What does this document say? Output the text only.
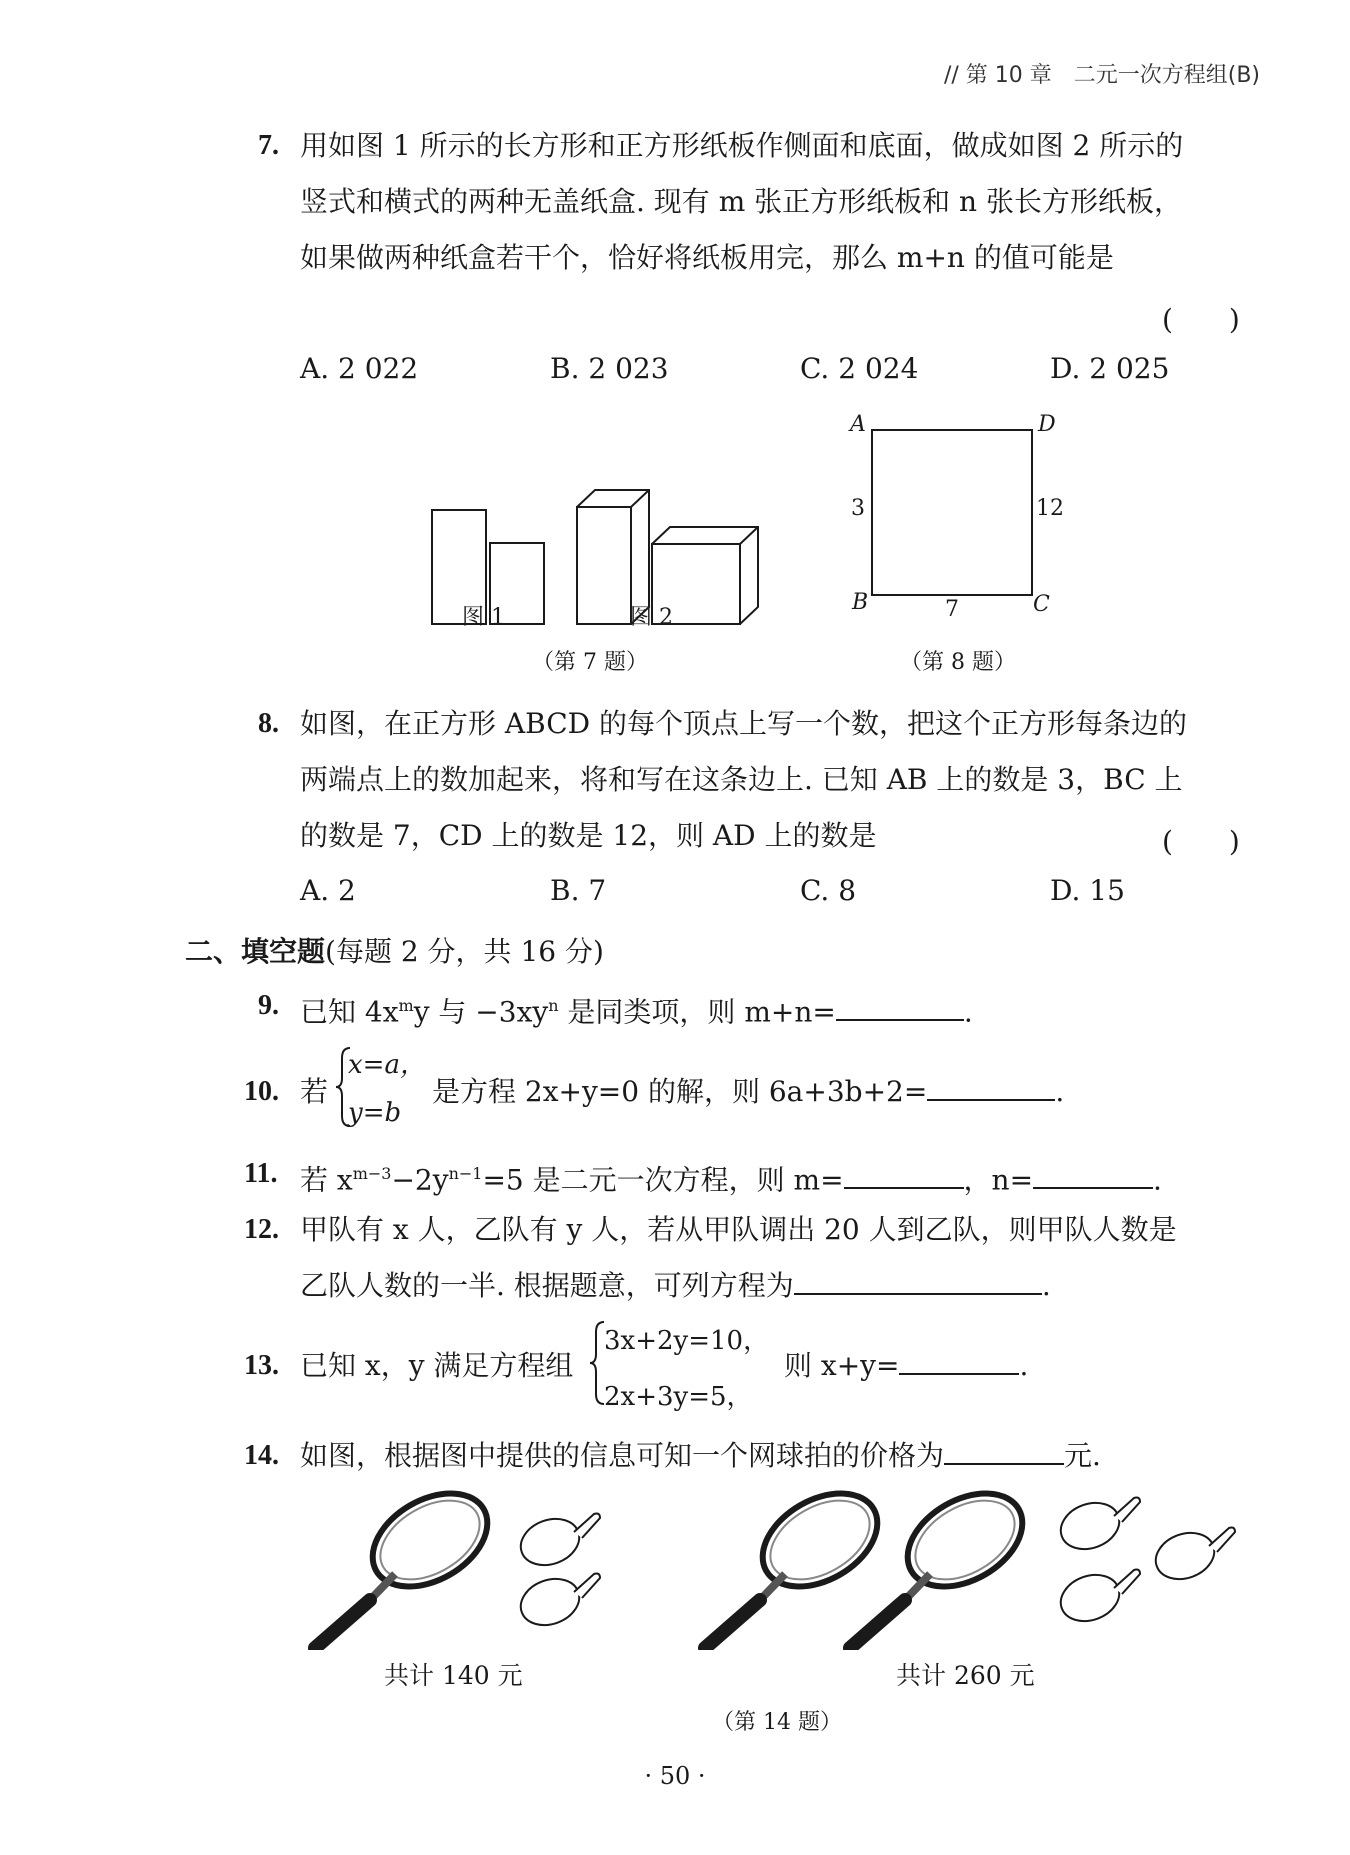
// 第 10 章　二元一次方程组(B)
7. 用如图 1 所示的长方形和正方形纸板作侧面和底面，做成如图 2 所示的
竖式和横式的两种无盖纸盒. 现有 m 张正方形纸板和 n 张长方形纸板，
如果做两种纸盒若干个，恰好将纸板用完，那么 m+n 的值可能是
(　　)
A. 2 022	B. 2 023	C. 2 024	D. 2 025
图 1	图 2
（第 7 题）
A	D
B	C
3	12
7
（第 8 题）
8. 如图，在正方形 ABCD 的每个顶点上写一个数，把这个正方形每条边的
两端点上的数加起来，将和写在这条边上. 已知 AB 上的数是 3，BC 上
的数是 7，CD 上的数是 12，则 AD 上的数是	(　　)
A. 2	B. 7	C. 8	D. 15
二、填空题(每题 2 分，共 16 分)
9. 已知 $4x^my$ 与 $-3xy^n$ 是同类项，则 m+n=	.
10. 若
x=a，
y=b
是方程 2x+y=0 的解，则 6a+3b+2=	.
11. 若 $x^{m-3}-2y^{n-1}=5$ 是二元一次方程，则 m=	，n=	.
12. 甲队有 x 人，乙队有 y 人，若从甲队调出 20 人到乙队，则甲队人数是
乙队人数的一半. 根据题意，可列方程为	.
13. 已知 x，y 满足方程组
3x+2y=10，
2x+3y=5，
则 x+y=	.
14. 如图，根据图中提供的信息可知一个网球拍的价格为	元.
共计 140 元	共计 260 元
（第 14 题）
· 50 ·
